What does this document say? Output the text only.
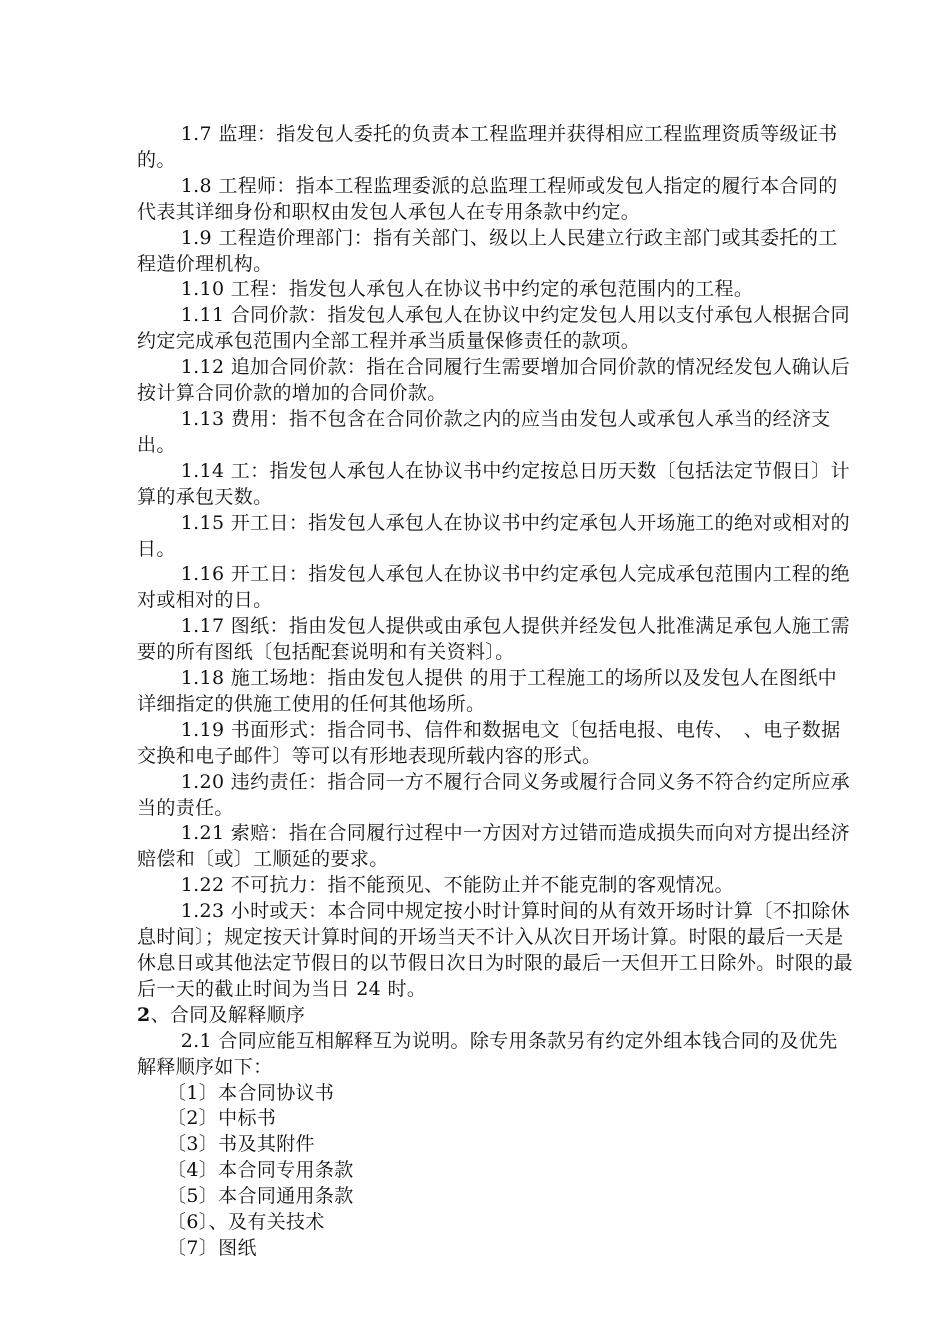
1.7 监理：指发包人委托的负责本工程监理并获得相应工程监理资质等级证书的。

1.8 工程师：指本工程监理委派的总监理工程师或发包人指定的履行本合同的代表其详细身份和职权由发包人承包人在专用条款中约定。

1.9 工程造价理部门：指有关部门、级以上人民建立行政主部门或其委托的工程造价理机构。

1.10 工程：指发包人承包人在协议书中约定的承包范围内的工程。

1.11 合同价款：指发包人承包人在协议中约定发包人用以支付承包人根据合同约定完成承包范围内全部工程并承当质量保修责任的款项。

1.12 追加合同价款：指在合同履行生需要增加合同价款的情况经发包人确认后按计算合同价款的增加的合同价款。

1.13 费用：指不包含在合同价款之内的应当由发包人或承包人承当的经济支出。

1.14 工：指发包人承包人在协议书中约定按总日历天数〔包括法定节假日〕计算的承包天数。

1.15 开工日：指发包人承包人在协议书中约定承包人开场施工的绝对或相对的日。

1.16 开工日：指发包人承包人在协议书中约定承包人完成承包范围内工程的绝对或相对的日。

1.17 图纸：指由发包人提供或由承包人提供并经发包人批准满足承包人施工需要的所有图纸〔包括配套说明和有关资料〕。

1.18 施工场地：指由发包人提供 的用于工程施工的场所以及发包人在图纸中详细指定的供施工使用的任何其他场所。

1.19 书面形式：指合同书、信件和数据电文〔包括电报、电传、　、电子数据交换和电子邮件〕等可以有形地表现所载内容的形式。

1.20 违约责任：指合同一方不履行合同义务或履行合同义务不符合约定所应承当的责任。

1.21 索赔：指在合同履行过程中一方因对方过错而造成损失而向对方提出经济赔偿和〔或〕工顺延的要求。

1.22 不可抗力：指不能预见、不能防止并不能克制的客观情况。

1.23 小时或天：本合同中规定按小时计算时间的从有效开场时计算〔不扣除休息时间〕；规定按天计算时间的开场当天不计入从次日开场计算。时限的最后一天是休息日或其他法定节假日的以节假日次日为时限的最后一天但开工日除外。时限的最后一天的截止时间为当日 24 时。

2、合同及解释顺序

2.1 合同应能互相解释互为说明。除专用条款另有约定外组本钱合同的及优先解释顺序如下：

〔1〕本合同协议书
〔2〕中标书
〔3〕书及其附件
〔4〕本合同专用条款
〔5〕本合同通用条款
〔6〕、及有关技术
〔7〕图纸
